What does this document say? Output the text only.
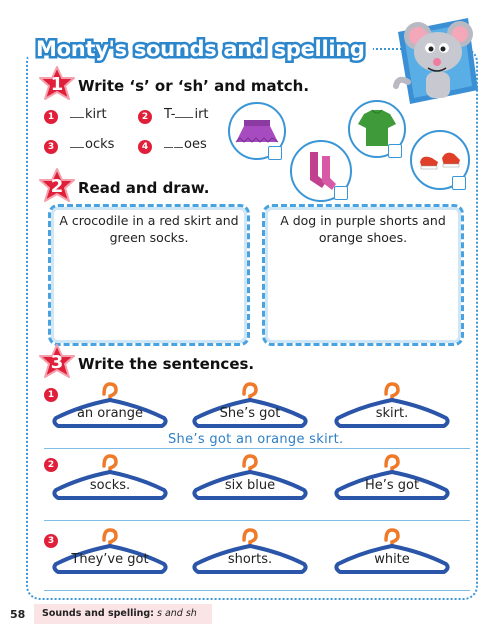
Monty's sounds and spelling
1 Write ‘s’ or ‘sh’ and match.
1	kirt	2 T- irt
3	ocks	4	oes
2 Read and draw.
A crocodile in a red skirt and green socks.
A dog in purple shorts and orange shoes.
3 Write the sentences.
1
an orange	She’s got	skirt.
She’s got an orange skirt.
2
socks.	six blue	He’s got
3
They’ve got	shorts.	white
58	Sounds and spelling: s and sh
